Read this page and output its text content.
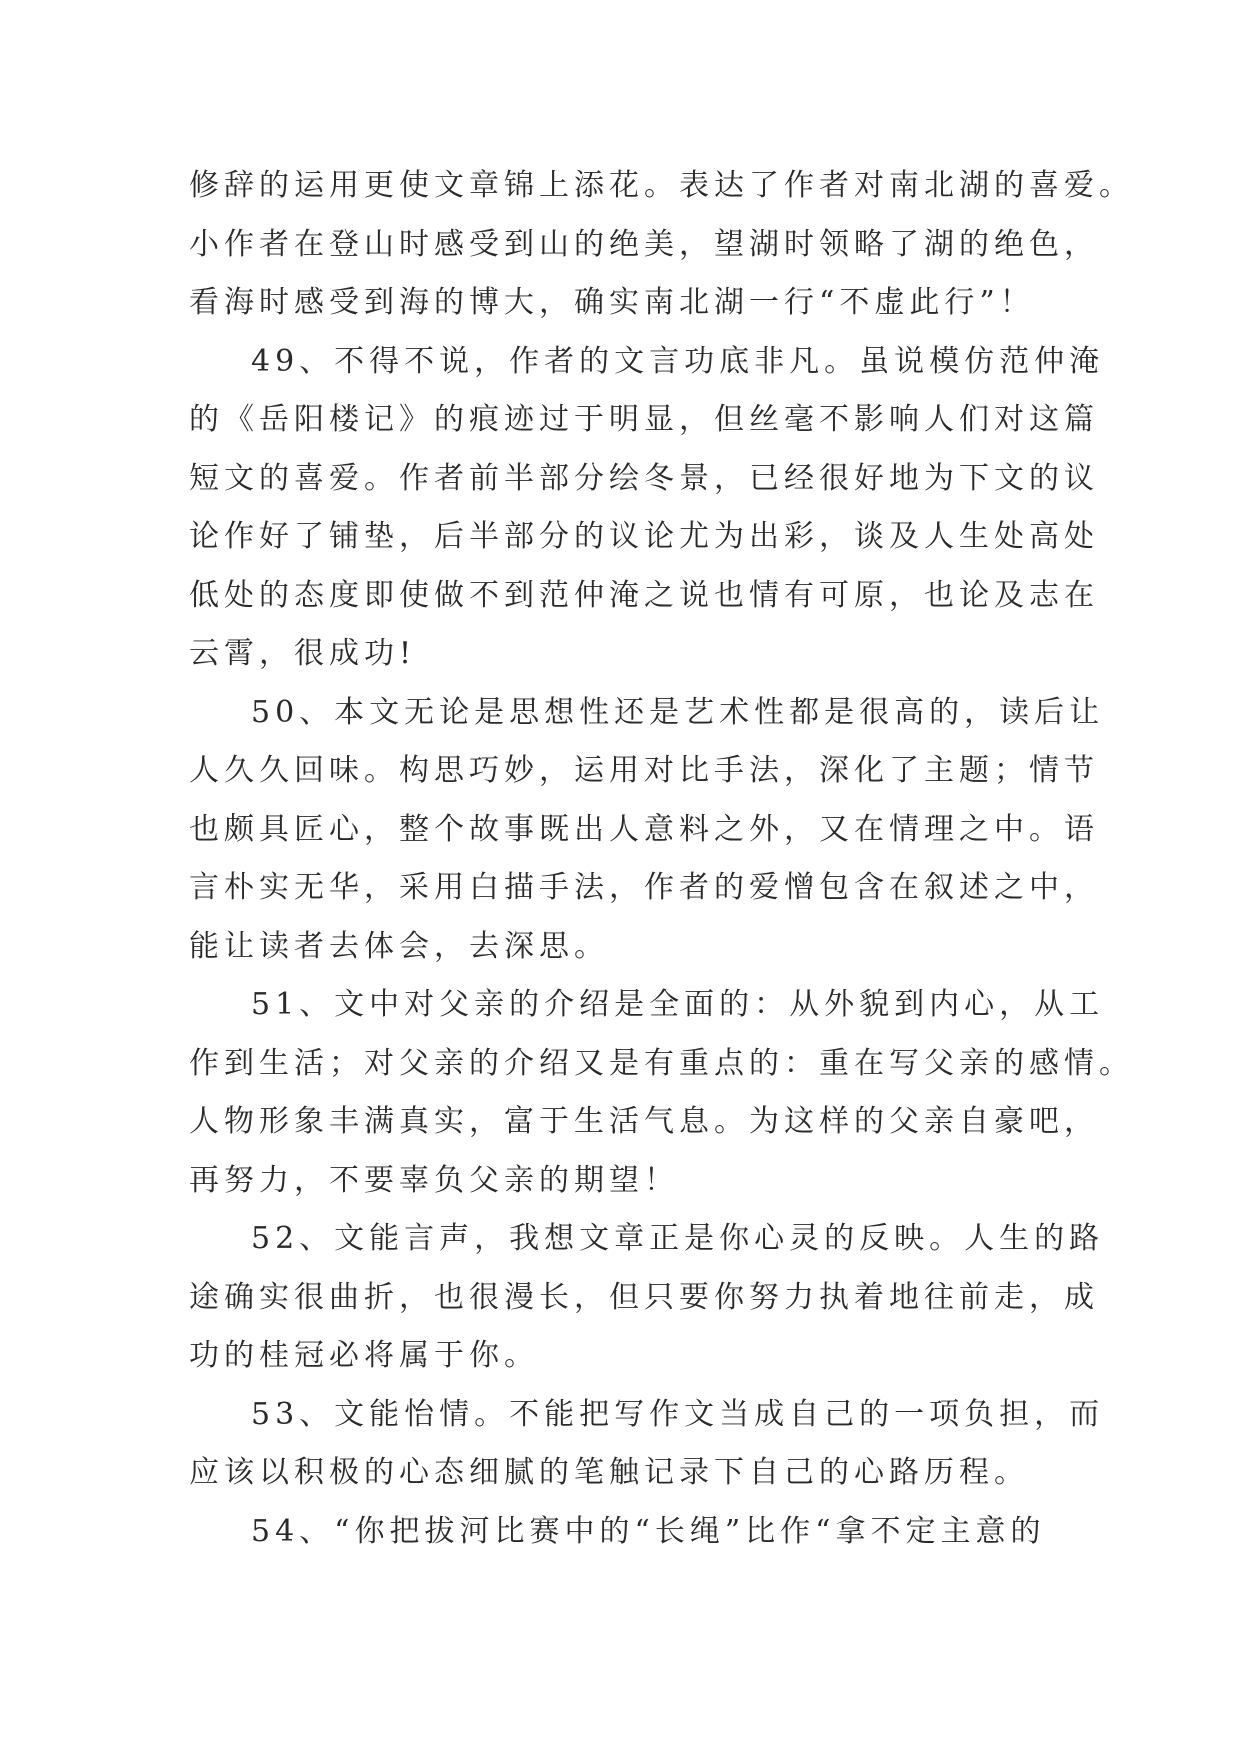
修辞的运用更使文章锦上添花。表达了作者对南北湖的喜爱。
小作者在登山时感受到山的绝美，望湖时领略了湖的绝色，
看海时感受到海的博大，确实南北湖一行“不虚此行”！
49、不得不说，作者的文言功底非凡。虽说模仿范仲淹
的《岳阳楼记》的痕迹过于明显，但丝毫不影响人们对这篇
短文的喜爱。作者前半部分绘冬景，已经很好地为下文的议
论作好了铺垫，后半部分的议论尤为出彩，谈及人生处高处
低处的态度即使做不到范仲淹之说也情有可原，也论及志在
云霄，很成功!
50、本文无论是思想性还是艺术性都是很高的，读后让
人久久回味。构思巧妙，运用对比手法，深化了主题；情节
也颇具匠心，整个故事既出人意料之外，又在情理之中。语
言朴实无华，采用白描手法，作者的爱憎包含在叙述之中，
能让读者去体会，去深思。
51、文中对父亲的介绍是全面的：从外貌到内心，从工
作到生活；对父亲的介绍又是有重点的：重在写父亲的感情。
人物形象丰满真实，富于生活气息。为这样的父亲自豪吧，
再努力，不要辜负父亲的期望！
52、文能言声，我想文章正是你心灵的反映。人生的路
途确实很曲折，也很漫长，但只要你努力执着地往前走，成
功的桂冠必将属于你。
53、文能怡情。不能把写作文当成自己的一项负担，而
应该以积极的心态细腻的笔触记录下自己的心路历程。
54、“你把拔河比赛中的“长绳”比作“拿不定主意的
